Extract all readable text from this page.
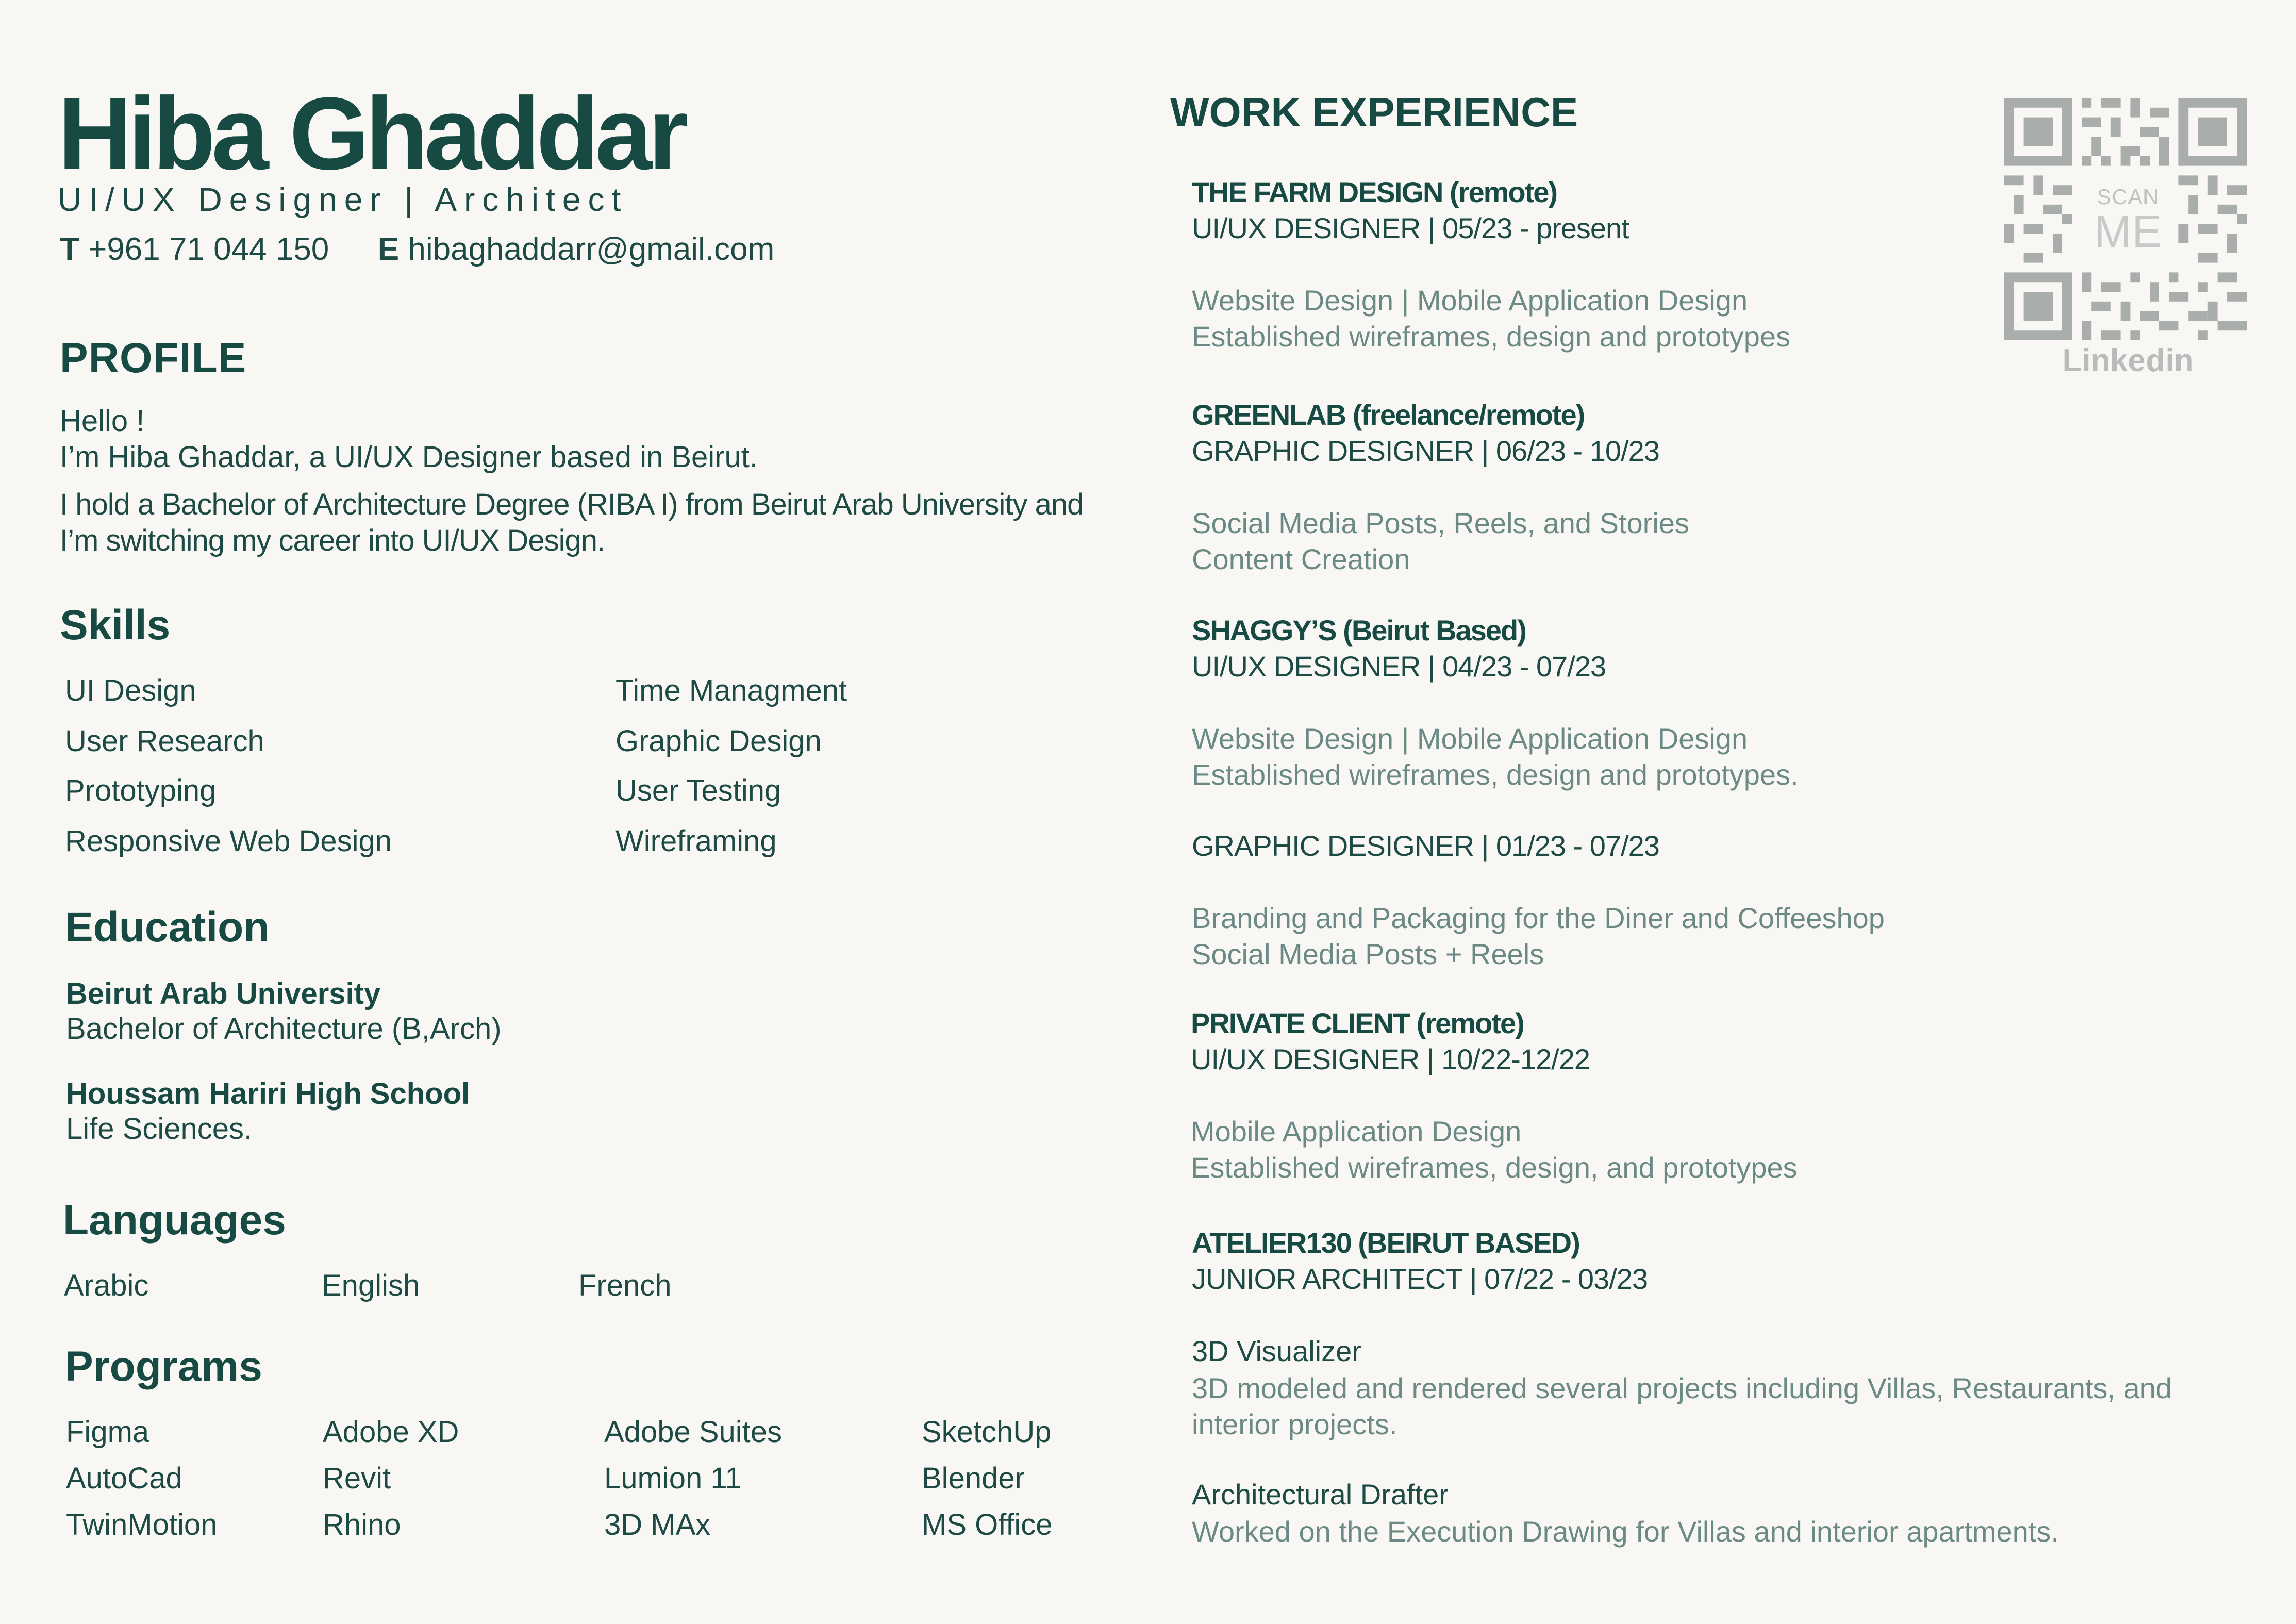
Hiba Ghaddar
UI/UX Designer | Architect
T +961 71 044 150 E hibaghaddarr@gmail.com
PROFILE
Hello !
I’m Hiba Ghaddar, a UI/UX Designer based in Beirut.
I hold a Bachelor of Architecture Degree (RIBA I) from Beirut Arab University and
I’m switching my career into UI/UX Design.
Skills
UI Design
User Research
Prototyping
Responsive Web Design
Time Managment
Graphic Design
User Testing
Wireframing
Education
Beirut Arab University
Bachelor of Architecture (B,Arch)
Houssam Hariri High School
Life Sciences.
Languages
Arabic	English	French
Programs
Figma
AutoCad
TwinMotion
Adobe XD
Revit
Rhino
Adobe Suites
Lumion 11
3D MAx
SketchUp
Blender
MS Office
WORK EXPERIENCE
THE FARM DESIGN (remote)
UI/UX DESIGNER | 05/23 - present
Website Design | Mobile Application Design
Established wireframes, design and prototypes
GREENLAB (freelance/remote)
GRAPHIC DESIGNER | 06/23 - 10/23
Social Media Posts, Reels, and Stories
Content Creation
SHAGGY’S (Beirut Based)
UI/UX DESIGNER | 04/23 - 07/23
Website Design | Mobile Application Design
Established wireframes, design and prototypes.
GRAPHIC DESIGNER | 01/23 - 07/23
Branding and Packaging for the Diner and Coffeeshop
Social Media Posts + Reels
PRIVATE CLIENT (remote)
UI/UX DESIGNER | 10/22-12/22
Mobile Application Design
Established wireframes, design, and prototypes
ATELIER130 (BEIRUT BASED)
JUNIOR ARCHITECT | 07/22 - 03/23
3D Visualizer
3D modeled and rendered several projects including Villas, Restaurants, and
interior projects.
Architectural Drafter
Worked on the Execution Drawing for Villas and interior apartments.
SCAN
ME
Linkedin
